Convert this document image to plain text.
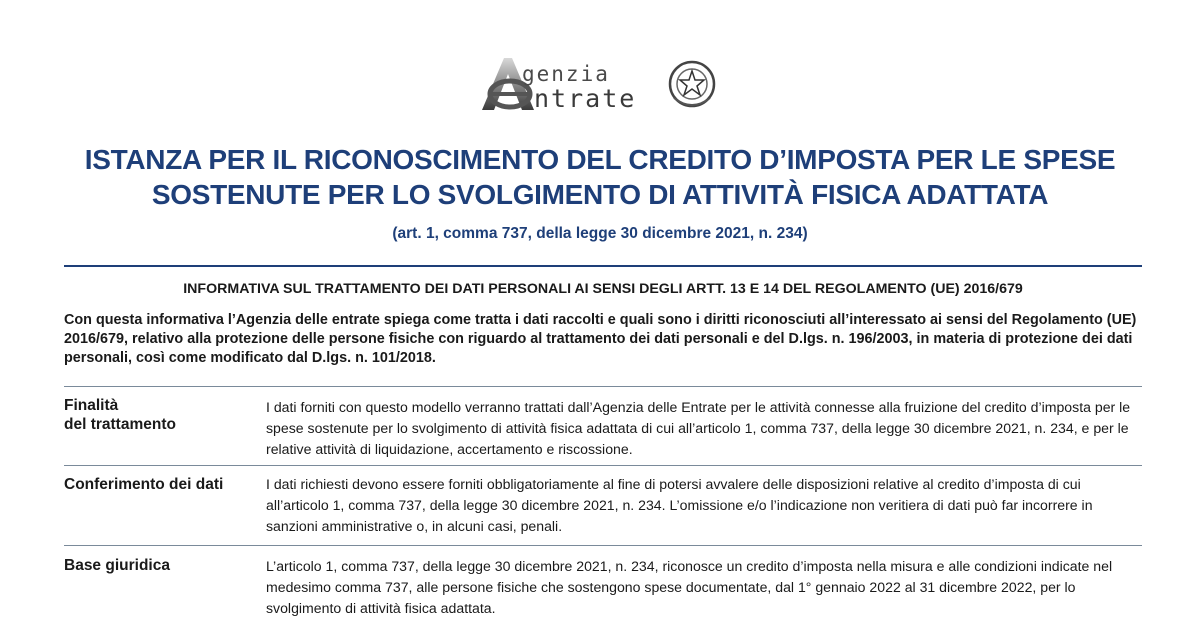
genzia
ntrate
ISTANZA PER IL RICONOSCIMENTO DEL CREDITO D’IMPOSTA PER LE SPESE
SOSTENUTE PER LO SVOLGIMENTO DI ATTIVITÀ FISICA ADATTATA
(art. 1, comma 737, della legge 30 dicembre 2021, n. 234)
INFORMATIVA SUL TRATTAMENTO DEI DATI PERSONALI AI SENSI DEGLI ARTT. 13 E 14 DEL REGOLAMENTO (UE) 2016/679
Con questa informativa l’Agenzia delle entrate spiega come tratta i dati raccolti e quali sono i diritti riconosciuti all’interessato ai sensi del Regolamento (UE) 2016/679, relativo alla protezione delle persone fisiche con riguardo al trattamento dei dati personali e del D.lgs. n. 196/2003, in materia di protezione dei dati personali, così come modificato dal D.lgs. n. 101/2018.
Finalità
del trattamento
I dati forniti con questo modello verranno trattati dall’Agenzia delle Entrate per le attività connesse alla fruizione del credito d’imposta per le spese sostenute per lo svolgimento di attività fisica adattata di cui all’articolo 1, comma 737, della legge 30 dicembre 2021, n. 234, e per le relative attività di liquidazione, accertamento e riscossione.
Conferimento dei dati	I dati richiesti devono essere forniti obbligatoriamente al fine di potersi avvalere delle disposizioni relative al credito d’imposta di cui all’articolo 1, comma 737, della legge 30 dicembre 2021, n. 234. L’omissione e/o l’indicazione non veritiera di dati può far incorrere in sanzioni amministrative o, in alcuni casi, penali.
Base giuridica	L’articolo 1, comma 737, della legge 30 dicembre 2021, n. 234, riconosce un credito d’imposta nella misura e alle condizioni indicate nel medesimo comma 737, alle persone fisiche che sostengono spese documentate, dal 1° gennaio 2022 al 31 dicembre 2022, per lo svolgimento di attività fisica adattata.
